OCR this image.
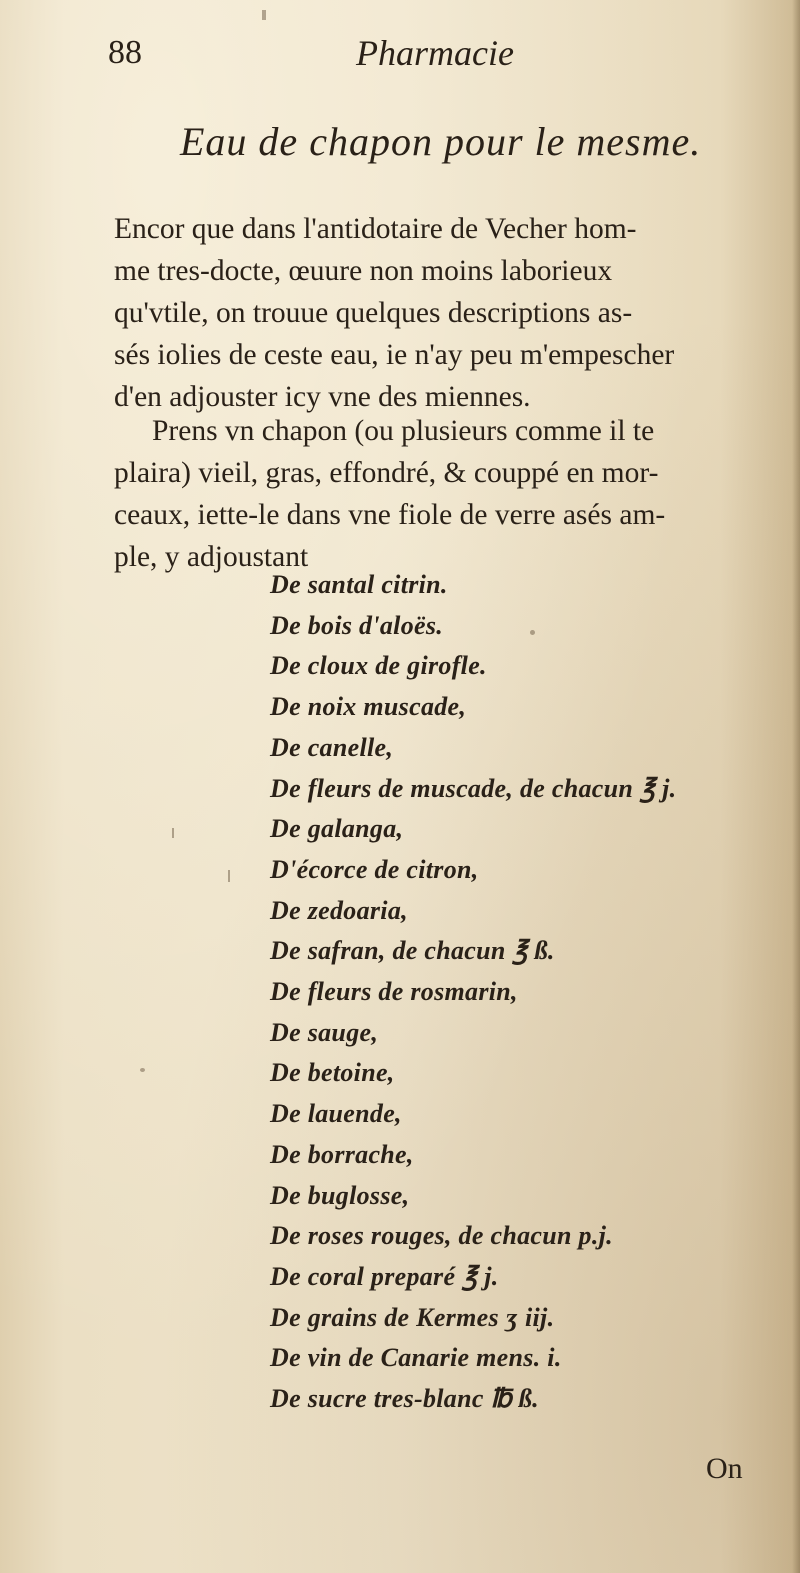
88	Pharmacie
Eau de chapon pour le mesme.

Encor que dans l'antidotaire de Vecher hom-
me tres-docte, œuure non moins laborieux
qu'vtile, on trouue quelques descriptions as-
sés iolies de ceste eau, ie n'ay peu m'empescher
d'en adjouster icy vne des miennes.

Prens vn chapon (ou plusieurs comme il te
plaira) vieil, gras, effondré, & couppé en mor-
ceaux, iette-le dans vne fiole de verre asés am-
ple, y adjoustant

De santal citrin.
De bois d'aloës.
De cloux de girofle.
De noix muscade,
De canelle,
De fleurs de muscade, de chacun ℥ j.
De galanga,
D'écorce de citron,
De zedoaria,
De safran, de chacun ℥ ß.
De fleurs de rosmarin,
De sauge,
De betoine,
De lauende,
De borrache,
De buglosse,
De roses rouges, de chacun p.j.
De coral preparé ℥ j.
De grains de Kermes ʒ iij.
De vin de Canarie mens. i.
De sucre tres-blanc ℔ ß.
On
